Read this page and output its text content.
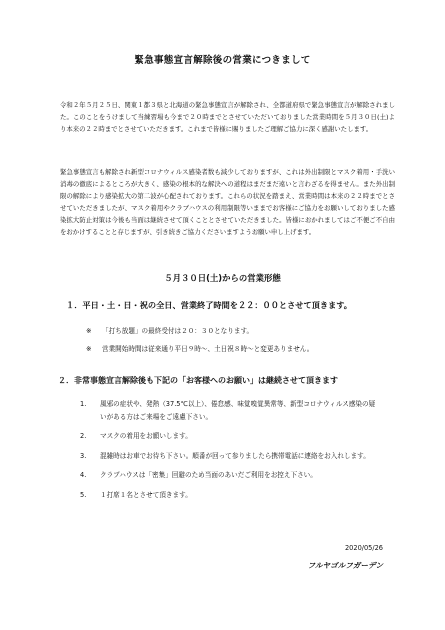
緊急事態宣言解除後の営業につきまして

令和２年５月２５日、関東１都３県と北海道の緊急事態宣言が解除され、全都道府県で緊急事態宣言が解除されました。このことをうけまして当練習場も今まで２０時までとさせていただいておりました営業時間を５月３０日(土)より本来の２２時までとさせていただきます。これまで皆様に賜りましたご理解ご協力に深く感謝いたします。

緊急事態宣言も解除され新型コロナウィルス感染者数も減少しておりますが、これは外出制限とマスク着用・手洗い消毒の徹底によるところが大きく、感染の根本的な解決への道程はまだまだ遠いと言わざるを得ません。また外出制限の解除により感染拡大の第二波が心配されております。これらの状況を踏まえ、営業時間は本来の２２時までとさせていただきましたが、マスク着用やクラブハウスの利用制限等いままでお客様にご協力をお願いしておりました感染拡大防止対策は今後も当面は継続させて頂くこととさせていただきました。皆様におかれましてはご不便ご不自由をおかけすることと存じますが、引き続きご協力くださいますようお願い申し上げます。

５月３０日(土)からの営業形態
１．平日・土・日・祝の全日、営業終了時間を２２：００とさせて頂きます。
※ 「打ち放題」の最終受付は２０：３０となります。
※ 営業開始時間は従来通り平日９時～、土日祝８時～と変更ありません。
２．非常事態宣言解除後も下記の「お客様へのお願い」は継続させて頂きます
1. 風邪の症状や、発熱（37.5℃以上）、倦怠感、味覚嗅覚異常等、新型コロナウィルス感染の疑いがある方はご来場をご遠慮下さい。
2. マスクの着用をお願いします。
3. 混雑時はお車でお待ち下さい。順番が回って参りましたら携帯電話に連絡をお入れします。
4. クラブハウスは「密集」回避のため当面のあいだご利用をお控え下さい。
5. １打席１名とさせて頂きます。
2020/05/26
フルヤゴルフガーデン
